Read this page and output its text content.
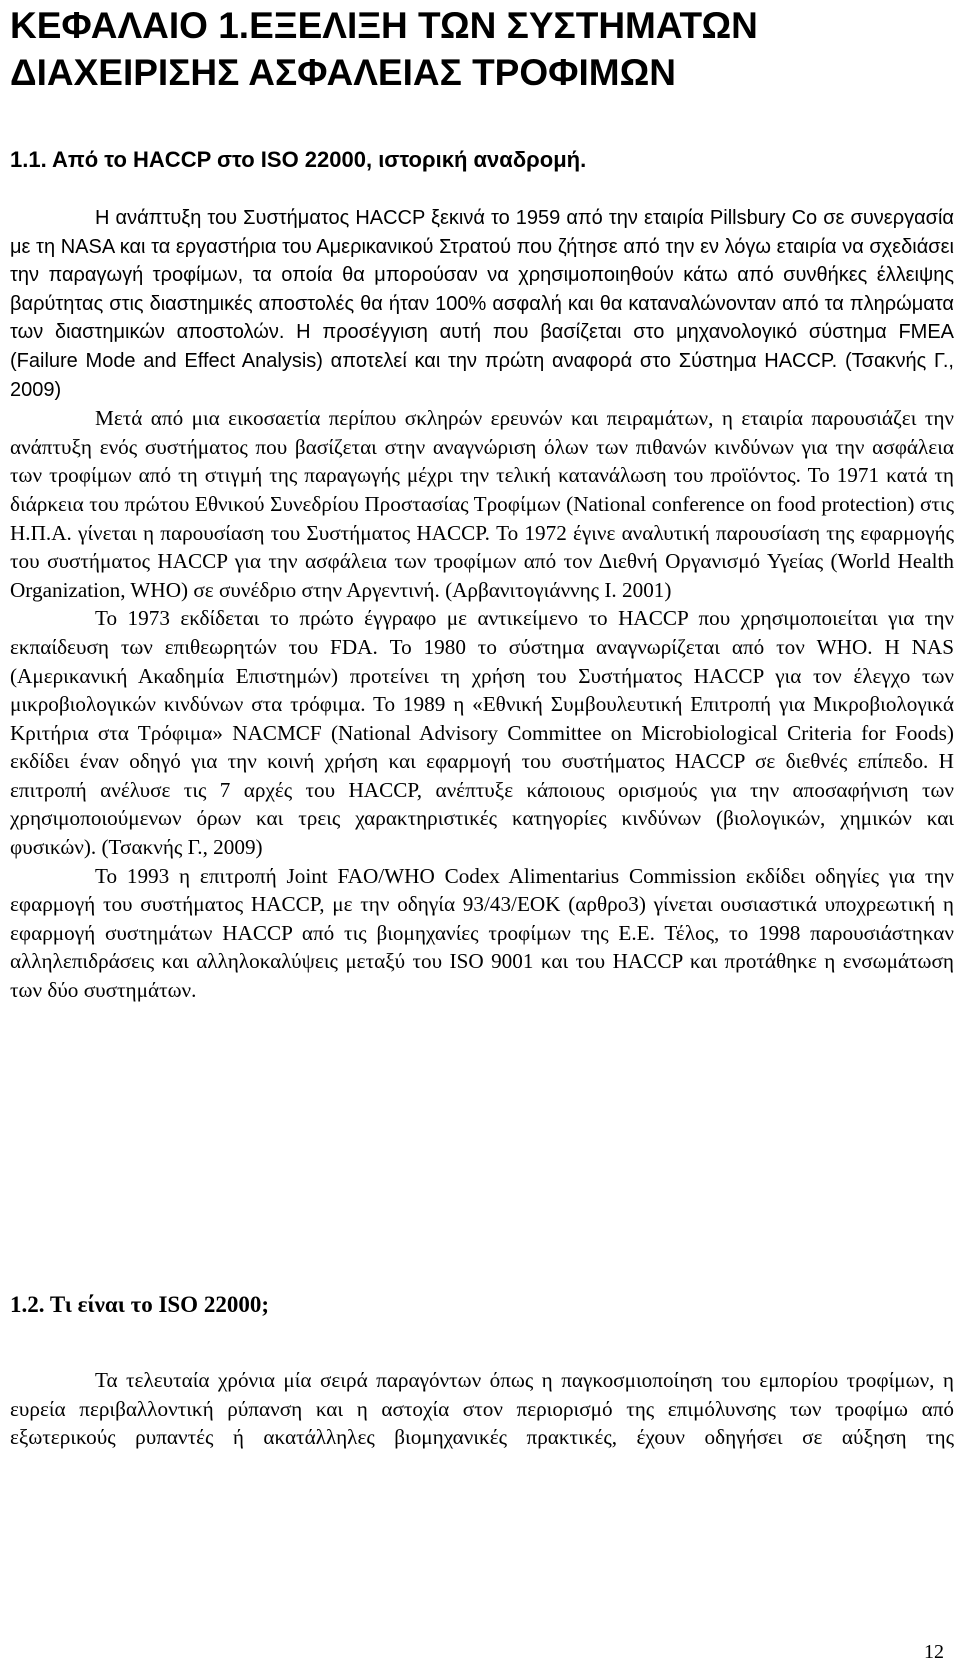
ΚΕΦΑΛΑΙΟ 1.ΕΞΕΛΙΞΗ ΤΩΝ ΣΥΣΤΗΜΑΤΩΝ
ΔΙΑΧΕΙΡΙΣΗΣ ΑΣΦΑΛΕΙΑΣ ΤΡΟΦΙΜΩΝ
1.1. Από το HACCP στο ISO 22000, ιστορική αναδρομή.

Η ανάπτυξη του Συστήματος HACCP ξεκινά το 1959 από την εταιρία Pillsbury Co σε συνεργασία με τη NASA και τα εργαστήρια του Αμερικανικού Στρατού που ζήτησε από την εν λόγω εταιρία να σχεδιάσει την παραγωγή τροφίμων, τα οποία θα μπορούσαν να χρησιμοποιηθούν κάτω από συνθήκες έλλειψης βαρύτητας στις διαστημικές αποστολές θα ήταν 100% ασφαλή και θα καταναλώνονταν από τα πληρώματα των διαστημικών αποστολών. Η προσέγγιση αυτή που βασίζεται στο μηχανολογικό σύστημα FMEA (Failure Mode and Effect Analysis) αποτελεί και την πρώτη αναφορά στο Σύστημα HACCP. (Τσακνής Γ., 2009)

Μετά από μια εικοσαετία περίπου σκληρών ερευνών και πειραμάτων, η εταιρία παρουσιάζει την ανάπτυξη ενός συστήματος που βασίζεται στην αναγνώριση όλων των πιθανών κινδύνων για την ασφάλεια των τροφίμων από τη στιγμή της παραγωγής μέχρι την τελική κατανάλωση του προϊόντος. Το 1971 κατά τη διάρκεια του πρώτου Εθνικού Συνεδρίου Προστασίας Τροφίμων (National conference on food protection) στις Η.Π.Α. γίνεται η παρουσίαση του Συστήματος HACCP. Το 1972 έγινε αναλυτική παρουσίαση της εφαρμογής του συστήματος HACCP για την ασφάλεια των τροφίμων από τον Διεθνή Οργανισμό Υγείας (World Health Organization, WHO) σε συνέδριο στην Αργεντινή. (Αρβανιτογιάννης Ι. 2001)

Το 1973 εκδίδεται το πρώτο έγγραφο με αντικείμενο το HACCP που χρησιμοποιείται για την εκπαίδευση των επιθεωρητών του FDA. Το 1980 το σύστημα αναγνωρίζεται από τον WHO. Η NAS (Αμερικανική Ακαδημία Επιστημών) προτείνει τη χρήση του Συστήματος HACCP για τον έλεγχο των μικροβιολογικών κινδύνων στα τρόφιμα. Το 1989 η «Εθνική Συμβουλευτική Επιτροπή για Μικροβιολογικά Κριτήρια στα Τρόφιμα» NACMCF (National Advisory Committee on Microbiological Criteria for Foods) εκδίδει έναν οδηγό για την κοινή χρήση και εφαρμογή του συστήματος HACCP σε διεθνές επίπεδο. Η επιτροπή ανέλυσε τις 7 αρχές του HACCP, ανέπτυξε κάποιους ορισμούς για την αποσαφήνιση των χρησιμοποιούμενων όρων και τρεις χαρακτηριστικές κατηγορίες κινδύνων (βιολογικών, χημικών και φυσικών). (Τσακνής Γ., 2009)

Το 1993 η επιτροπή Joint FAO/WHO Codex Alimentarius Commission εκδίδει οδηγίες για την εφαρμογή του συστήματος HACCP, με την οδηγία 93/43/ΕΟΚ (αρθρο3) γίνεται ουσιαστικά υποχρεωτική η εφαρμογή συστημάτων HACCP από τις βιομηχανίες τροφίμων της Ε.Ε. Τέλος, το 1998 παρουσιάστηκαν αλληλεπιδράσεις και αλληλοκαλύψεις μεταξύ του ISO 9001 και του HACCP και προτάθηκε η ενσωμάτωση των δύο συστημάτων.

1.2. Τι είναι το ISO 22000;

Τα τελευταία χρόνια μία σειρά παραγόντων όπως η παγκοσμιοποίηση του εμπορίου τροφίμων, η ευρεία περιβαλλοντική ρύπανση και η αστοχία στον περιορισμό της επιμόλυνσης των τροφίμω από εξωτερικούς ρυπαντές ή ακατάλληλες βιομηχανικές πρακτικές, έχουν οδηγήσει σε αύξηση της

12
